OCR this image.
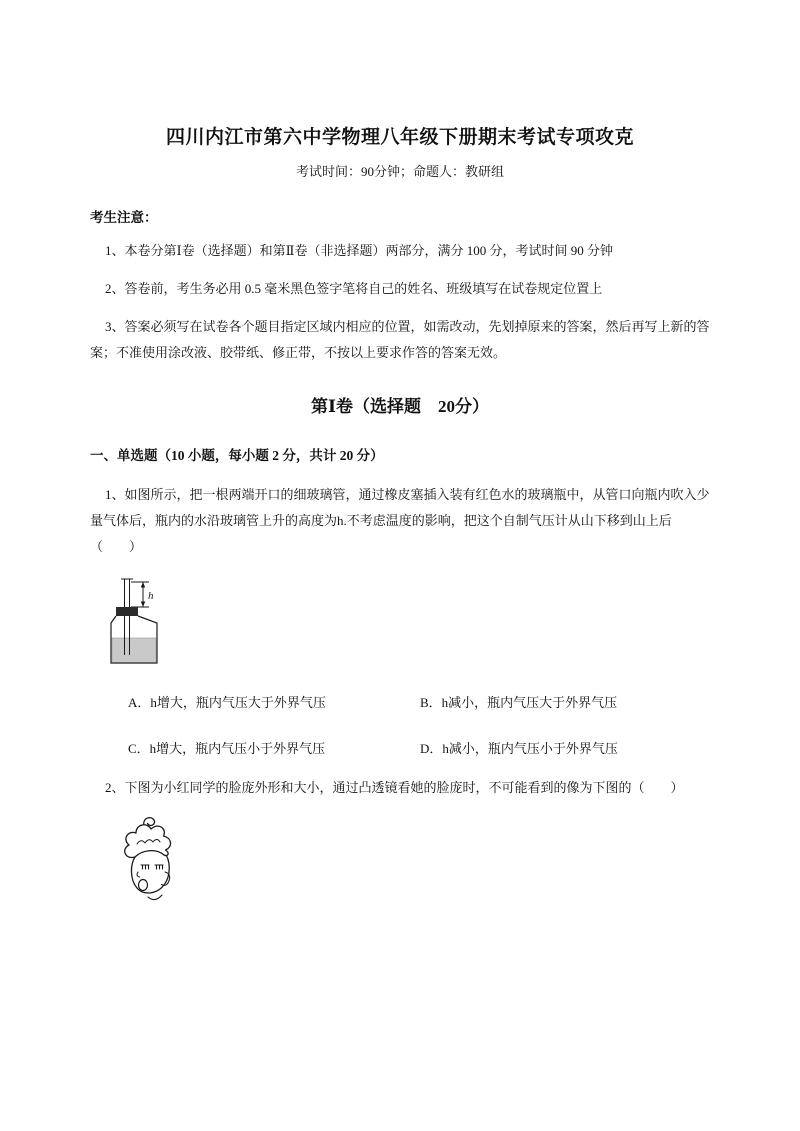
四川内江市第六中学物理八年级下册期末考试专项攻克
考试时间：90分钟；命题人：教研组
考生注意：

1、本卷分第Ⅰ卷（选择题）和第Ⅱ卷（非选择题）两部分，满分 100 分，考试时间 90 分钟

2、答卷前，考生务必用 0.5 毫米黑色签字笔将自己的姓名、班级填写在试卷规定位置上

3、答案必须写在试卷各个题目指定区域内相应的位置，如需改动，先划掉原来的答案，然后再写上新的答案；不准使用涂改液、胶带纸、修正带，不按以上要求作答的答案无效。

第Ⅰ卷（选择题　20分）
一、单选题（10 小题，每小题 2 分，共计 20 分）

1、如图所示，把一根两端开口的细玻璃管，通过橡皮塞插入装有红色水的玻璃瓶中，从管口向瓶内吹入少量气体后，瓶内的水沿玻璃管上升的高度为h.不考虑温度的影响，把这个自制气压计从山下移到山上后（　　）

h
A．h增大，瓶内气压大于外界气压	B．h减小，瓶内气压大于外界气压
C．h增大，瓶内气压小于外界气压	D．h减小，瓶内气压小于外界气压

2、下图为小红同学的脸庞外形和大小，通过凸透镜看她的脸庞时，不可能看到的像为下图的（　　）
